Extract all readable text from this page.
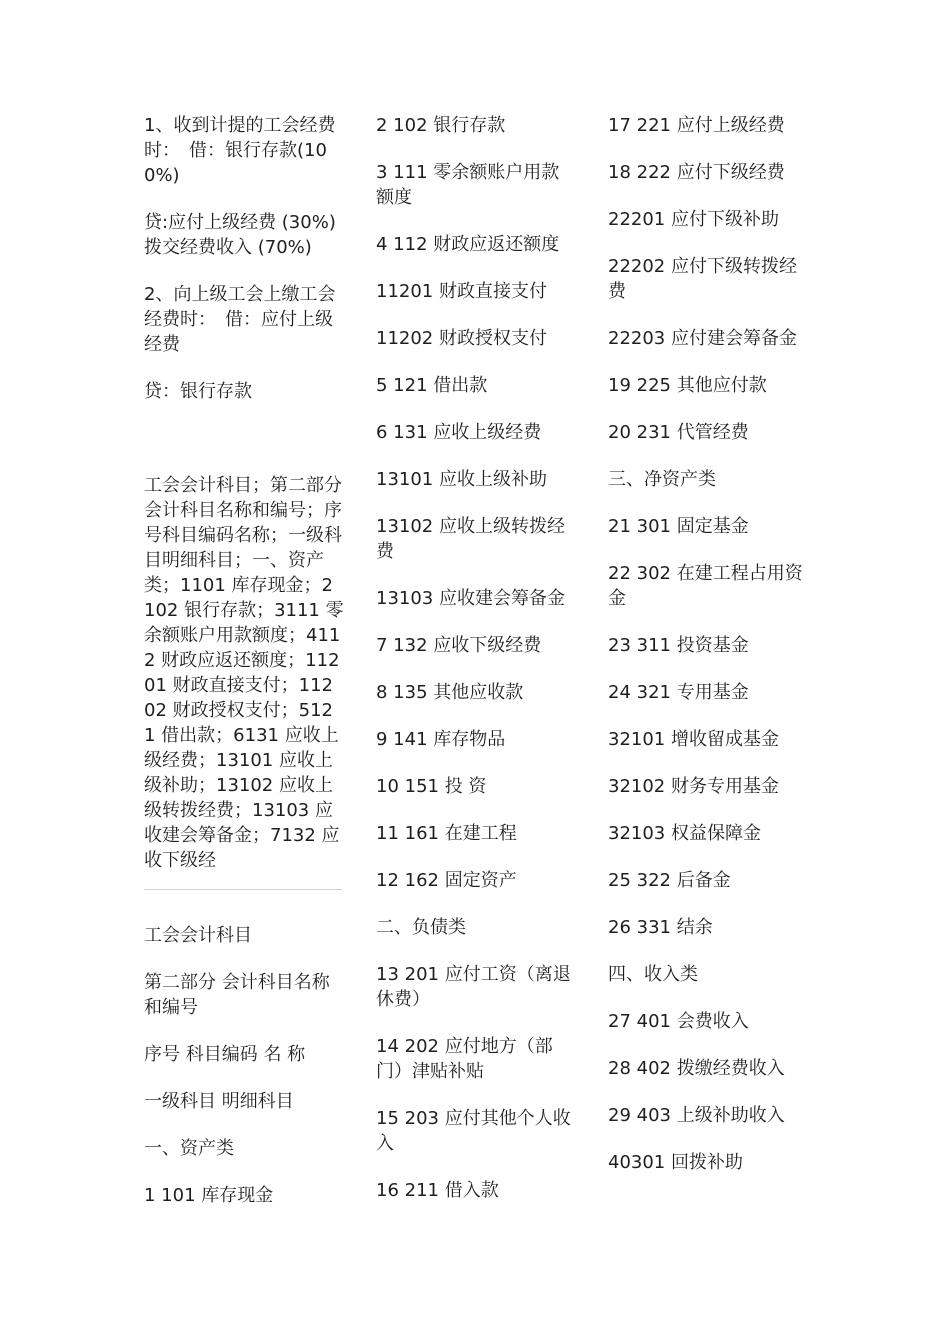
1、收到计提的工会经费时：　借：银行存款(100%)

贷:应付上级经费 (30%) 拨交经费收入 (70%)

2、向上级工会上缴工会经费时：　借：应付上级经费

贷：银行存款

工会会计科目；第二部分会计科目名称和编号；序号科目编码名称；一级科目明细科目；一、资产类；1101 库存现金；2102 银行存款；3111 零余额账户用款额度；4112 财政应返还额度；11201 财政直接支付；11202 财政授权支付；5121 借出款；6131 应收上级经费；13101 应收上级补助；13102 应收上级转拨经费；13103 应收建会筹备金；7132 应收下级经

工会会计科目

第二部分 会计科目名称和编号

序号 科目编码 名 称

一级科目 明细科目

一、资产类

1 101 库存现金

2 102 银行存款

3 111 零余额账户用款额度

4 112 财政应返还额度

11201 财政直接支付

11202 财政授权支付

5 121 借出款

6 131 应收上级经费

13101 应收上级补助

13102 应收上级转拨经费

13103 应收建会筹备金

7 132 应收下级经费

8 135 其他应收款

9 141 库存物品

10 151 投 资

11 161 在建工程

12 162 固定资产

二、负债类

13 201 应付工资（离退休费）

14 202 应付地方（部门）津贴补贴

15 203 应付其他个人收入

16 211 借入款

17 221 应付上级经费

18 222 应付下级经费

22201 应付下级补助

22202 应付下级转拨经费

22203 应付建会筹备金

19 225 其他应付款

20 231 代管经费

三、净资产类

21 301 固定基金

22 302 在建工程占用资金

23 311 投资基金

24 321 专用基金

32101 增收留成基金

32102 财务专用基金

32103 权益保障金

25 322 后备金

26 331 结余

四、收入类

27 401 会费收入

28 402 拨缴经费收入

29 403 上级补助收入

40301 回拨补助
